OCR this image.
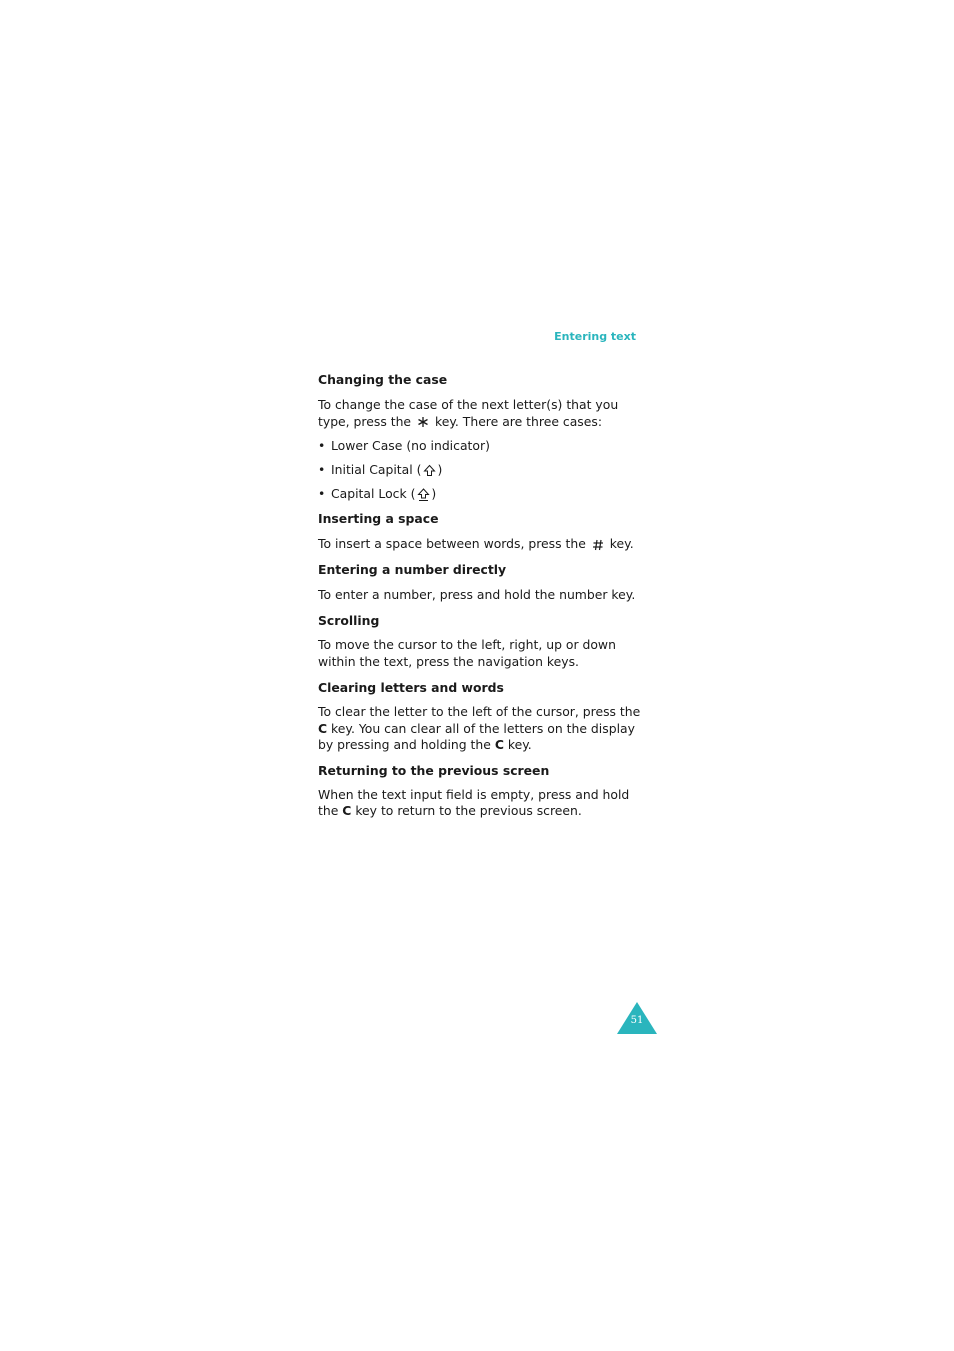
Entering text
Changing the case

To change the case of the next letter(s) that you
type, press the key. There are three cases:

• Lower Case (no indicator)
• Initial Capital ( )
• Capital Lock ( )
Inserting a space

To insert a space between words, press the key.

Entering a number directly

To enter a number, press and hold the number key.

Scrolling

To move the cursor to the left, right, up or down
within the text, press the navigation keys.

Clearing letters and words

To clear the letter to the left of the cursor, press the
C key. You can clear all of the letters on the display
by pressing and holding the C key.

Returning to the previous screen

When the text input field is empty, press and hold
the C key to return to the previous screen.

51
